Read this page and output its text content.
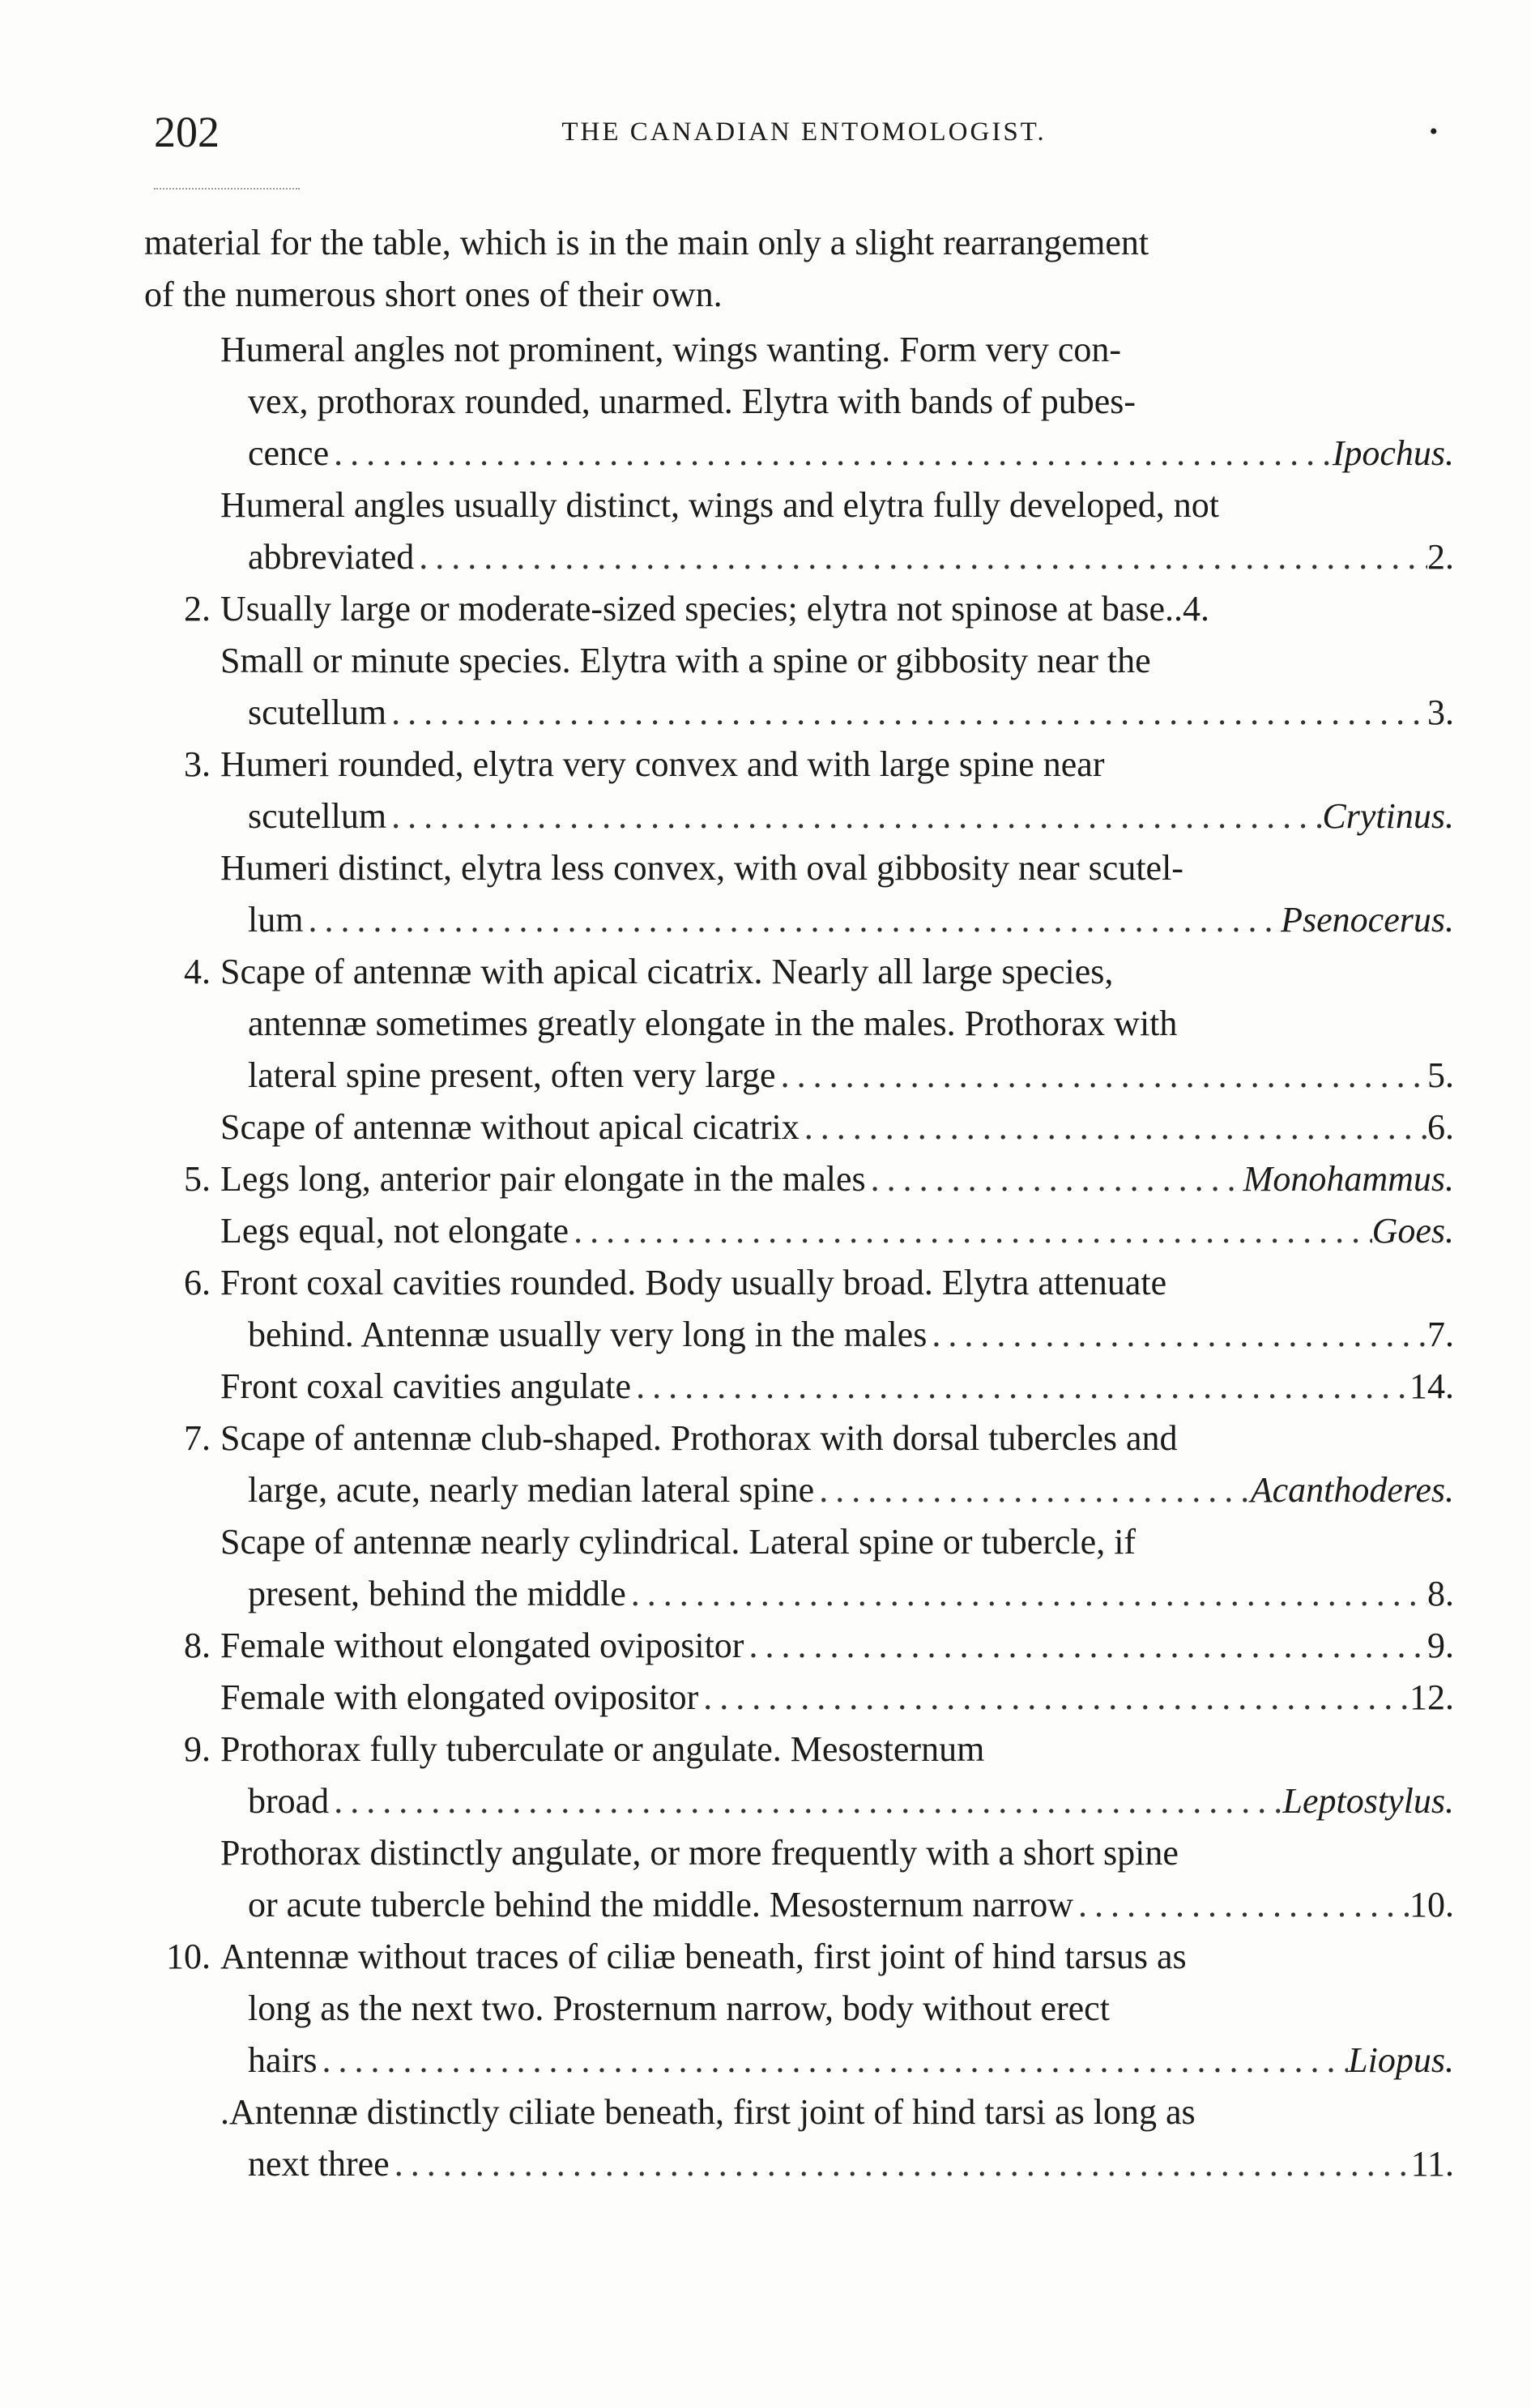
202	THE CANADIAN ENTOMOLOGIST.	•
material for the table, which is in the main only a slight rearrangement
of the numerous short ones of their own.
Humeral angles not prominent, wings wanting. Form very con-
vex, prothorax rounded, unarmed. Elytra with bands of pubes-
cence .....	Ipochus.
Humeral angles usually distinct, wings and elytra fully developed, not
abbreviated .....	2.
2. Usually large or moderate-sized species; elytra not spinose at base..4.
Small or minute species. Elytra with a spine or gibbosity near the
scutellum .....	3.
3. Humeri rounded, elytra very convex and with large spine near
scutellum .....	Crytinus.
Humeri distinct, elytra less convex, with oval gibbosity near scutel-
lum .....	Psenocerus.
4. Scape of antennæ with apical cicatrix. Nearly all large species,
antennæ sometimes greatly elongate in the males. Prothorax with
lateral spine present, often very large .....	5.
Scape of antennæ without apical cicatrix .....	6.
5. Legs long, anterior pair elongate in the males .....	Monohammus.
Legs equal, not elongate .....	Goes.
6. Front coxal cavities rounded. Body usually broad. Elytra attenuate
behind. Antennæ usually very long in the males .....	7.
Front coxal cavities angulate .....	14.
7. Scape of antennæ club-shaped. Prothorax with dorsal tubercles and
large, acute, nearly median lateral spine .....	Acanthoderes.
Scape of antennæ nearly cylindrical. Lateral spine or tubercle, if
present, behind the middle .....	8.
8. Female without elongated ovipositor .....	9.
Female with elongated ovipositor .....	12.
9. Prothorax fully tuberculate or angulate. Mesosternum
broad .....	Leptostylus.
Prothorax distinctly angulate, or more frequently with a short spine
or acute tubercle behind the middle. Mesosternum narrow .....	10.
10. Antennæ without traces of ciliæ beneath, first joint of hind tarsus as
long as the next two. Prosternum narrow, body without erect
hairs .....	Liopus.
.Antennæ distinctly ciliate beneath, first joint of hind tarsi as long as
next three .....	11.
